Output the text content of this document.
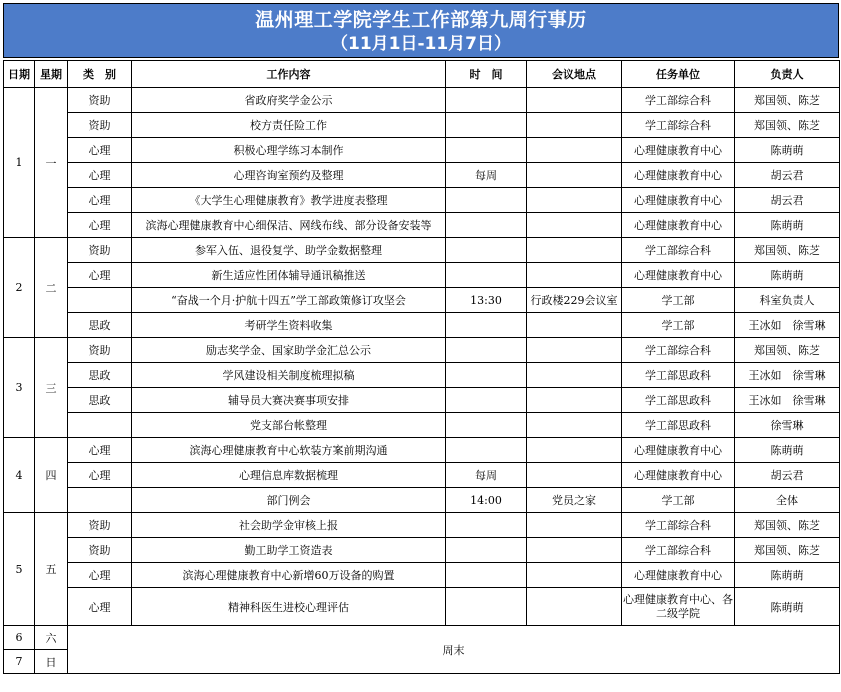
温州理工学院学生工作部第九周行事历
（11月1日-11月7日）
日期	星期	类　别	工作内容	时　间	会议地点	任务单位	负责人
1	一	资助	省政府奖学金公示			学工部综合科	郑国领、陈芝
		资助	校方责任险工作			学工部综合科	郑国领、陈芝
		心理	积极心理学练习本制作			心理健康教育中心	陈萌萌
		心理	心理咨询室预约及整理	每周		心理健康教育中心	胡云君
		心理	《大学生心理健康教育》教学进度表整理			心理健康教育中心	胡云君
		心理	滨海心理健康教育中心细保洁、网线布线、部分设备安装等			心理健康教育中心	陈萌萌
2	二	资助	参军入伍、退役复学、助学金数据整理			学工部综合科	郑国领、陈芝
		心理	新生适应性团体辅导通讯稿推送			心理健康教育中心	陈萌萌
			“奋战一个月·护航十四五”学工部政策修订攻坚会	13:30	行政楼229会议室	学工部	科室负责人
		思政	考研学生资料收集			学工部	王冰如　徐雪琳
3	三	资助	励志奖学金、国家助学金汇总公示			学工部综合科	郑国领、陈芝
		思政	学风建设相关制度梳理拟稿			学工部思政科	王冰如　徐雪琳
		思政	辅导员大赛决赛事项安排			学工部思政科	王冰如　徐雪琳
			党支部台帐整理			学工部思政科	徐雪琳
4	四	心理	滨海心理健康教育中心软装方案前期沟通			心理健康教育中心	陈萌萌
		心理	心理信息库数据梳理	每周		心理健康教育中心	胡云君
			部门例会	14:00	党员之家	学工部	全体
5	五	资助	社会助学金审核上报			学工部综合科	郑国领、陈芝
		资助	勤工助学工资造表			学工部综合科	郑国领、陈芝
		心理	滨海心理健康教育中心新增60万设备的购置			心理健康教育中心	陈萌萌
		心理	精神科医生进校心理评估			心理健康教育中心、各二级学院	陈萌萌
6	六	周末					
7	日						
